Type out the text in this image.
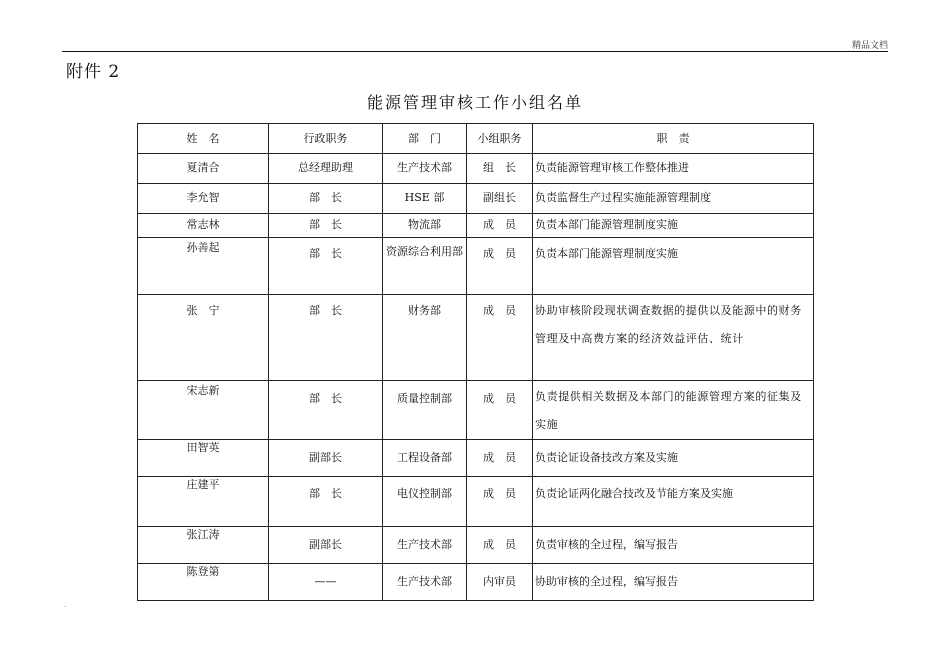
精品文档
附件 2
能源管理审核工作小组名单
姓　名	行政职务	部　门	小组职务	职　责
夏清合	总经理助理	生产技术部	组　长	负责能源管理审核工作整体推进
李允智	部　长	HSE 部	副组长	负责监督生产过程实施能源管理制度
常志林	部　长	物流部	成　员	负责本部门能源管理制度实施
孙善起	部　长	资源综合利用部	成　员	负责本部门能源管理制度实施
张　宁	部　长	财务部	成　员	协助审核阶段现状调查数据的提供以及能源中的财务管理及中高费方案的经济效益评估、统计
宋志新	部　长	质量控制部	成　员	负责提供相关数据及本部门的能源管理方案的征集及实施
田智英	副部长	工程设备部	成　员	负责论证设备技改方案及实施
庄建平	部　长	电仪控制部	成　员	负责论证两化融合技改及节能方案及实施
张江涛	副部长	生产技术部	成　员	负责审核的全过程，编写报告
陈登第	——	生产技术部	内审员	协助审核的全过程，编写报告
.
